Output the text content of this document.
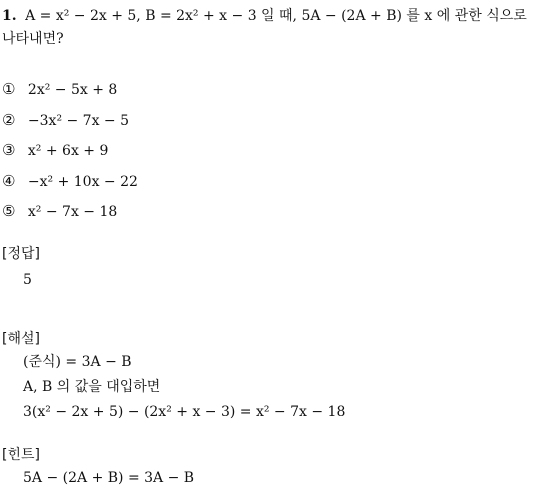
1. A = x² − 2x + 5, B = 2x² + x − 3 일 때, 5A − (2A + B) 를 x 에 관한 식으로
나타내면?
① 2x² − 5x + 8
② −3x² − 7x − 5
③ x² + 6x + 9
④ −x² + 10x − 22
⑤ x² − 7x − 18
[정답]
5
[해설]
(준식) = 3A − B
A, B 의 값을 대입하면
3(x² − 2x + 5) − (2x² + x − 3) = x² − 7x − 18
[힌트]
5A − (2A + B) = 3A − B
